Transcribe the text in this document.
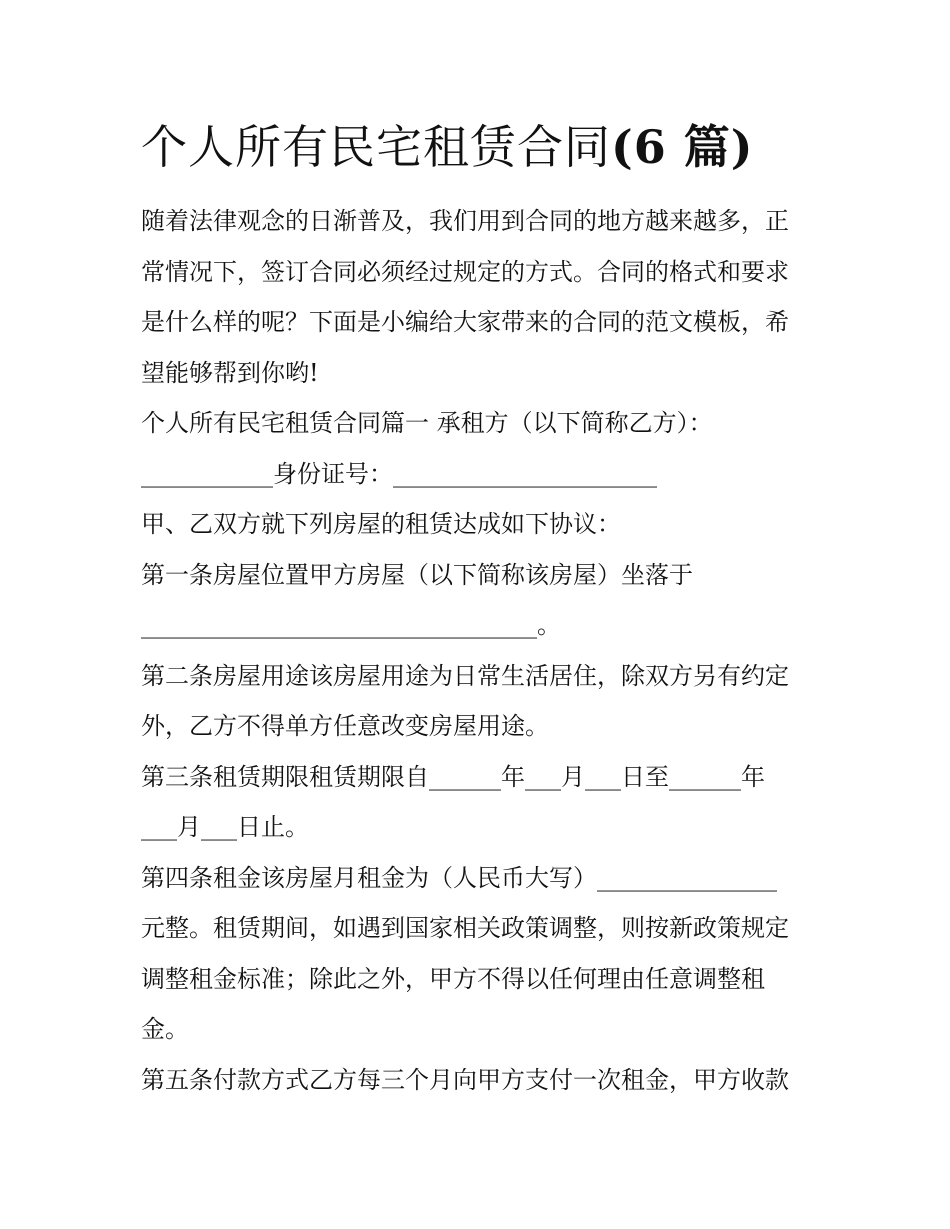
个人所有民宅租赁合同(6 篇)

随着法律观念的日渐普及，我们用到合同的地方越来越多，正

常情况下，签订合同必须经过规定的方式。合同的格式和要求

是什么样的呢？下面是小编给大家带来的合同的范文模板，希

望能够帮到你哟!

个人所有民宅租赁合同篇一 承租方（以下简称乙方）：

___________身份证号：______________________

甲、乙双方就下列房屋的租赁达成如下协议：

第一条房屋位置甲方房屋（以下简称该房屋）坐落于

_________________________________。

第二条房屋用途该房屋用途为日常生活居住，除双方另有约定

外，乙方不得单方任意改变房屋用途。

第三条租赁期限租赁期限自______年___月___日至______年

___月___日止。

第四条租金该房屋月租金为（人民币大写）_______________

元整。租赁期间，如遇到国家相关政策调整，则按新政策规定

调整租金标准；除此之外，甲方不得以任何理由任意调整租

金。

第五条付款方式乙方每三个月向甲方支付一次租金，甲方收款
